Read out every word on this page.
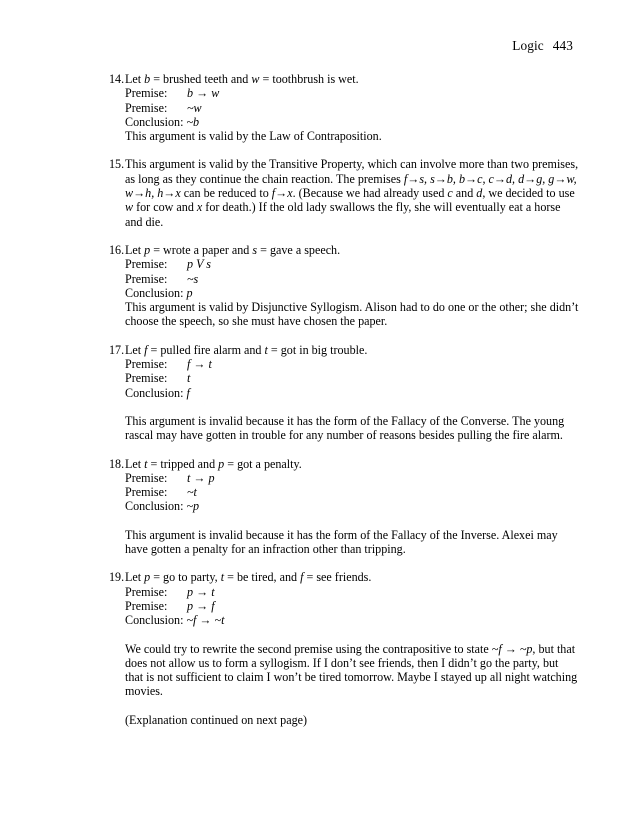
Logic 443
14. Let b = brushed teeth and w = toothbrush is wet.
Premise:	b → w
Premise:	~w
Conclusion:
~b
This argument is valid by the Law of Contraposition.
15. This argument is valid by the Transitive Property, which can involve more than two premises, as long as they continue the chain reaction. The premises f→s, s→b, b→c, c→d, d→g, g→w, w→h, h→x can be reduced to f→x. (Because we had already used c and d, we decided to use w for cow and x for death.) If the old lady swallows the fly, she will eventually eat a horse and die.
16. Let p = wrote a paper and s = gave a speech.
Premise:	p V s
Premise:	~s
Conclusion:
p
This argument is valid by Disjunctive Syllogism. Alison had to do one or the other; she didn’t choose the speech, so she must have chosen the paper.
17. Let f = pulled fire alarm and t = got in big trouble.
Premise:	f → t
Premise:	t
Conclusion:
f
This argument is invalid because it has the form of the Fallacy of the Converse. The young rascal may have gotten in trouble for any number of reasons besides pulling the fire alarm.
18. Let t = tripped and p = got a penalty.
Premise:	t → p
Premise:	~t
Conclusion:
~p
This argument is invalid because it has the form of the Fallacy of the Inverse. Alexei may have gotten a penalty for an infraction other than tripping.
19. Let p = go to party, t = be tired, and f = see friends.
Premise:	p → t
Premise:	p → f
Conclusion:
~f → ~t
We could try to rewrite the second premise using the contrapositive to state ~f → ~p, but that does not allow us to form a syllogism. If I don’t see friends, then I didn’t go the party, but that is not sufficient to claim I won’t be tired tomorrow. Maybe I stayed up all night watching movies.
(Explanation continued on next page)
